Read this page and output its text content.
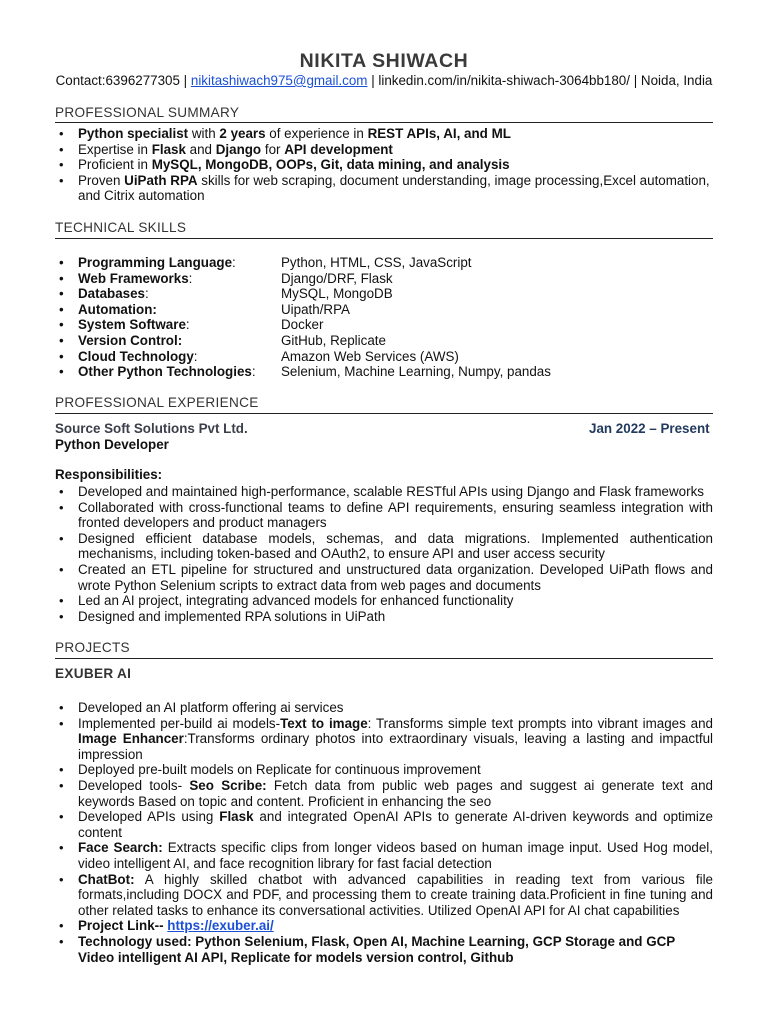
NIKITA SHIWACH
Contact:6396277305 | nikitashiwach975@gmail.com | linkedin.com/in/nikita-shiwach-3064bb180/ | Noida, India
PROFESSIONAL SUMMARY
•	Python specialist with 2 years of experience in REST APIs, AI, and ML
•	Expertise in Flask and Django for API development
•	Proficient in MySQL, MongoDB, OOPs, Git, data mining, and analysis
•	Proven UiPath RPA skills for web scraping, document understanding, image processing,Excel automation, and Citrix automation
TECHNICAL SKILLS
• Programming Language:	Python, HTML, CSS, JavaScript
• Web Frameworks:	Django/DRF, Flask
• Databases:	MySQL, MongoDB
• Automation:	Uipath/RPA
• System Software:	Docker
• Version Control:	GitHub, Replicate
• Cloud Technology:	Amazon Web Services (AWS)
• Other Python Technologies: Selenium, Machine Learning, Numpy, pandas
PROFESSIONAL EXPERIENCE
Source Soft Solutions Pvt Ltd.	Jan 2022 – Present
Python Developer
Responsibilities:
•	Developed and maintained high-performance, scalable RESTful APIs using Django and Flask frameworks
•	Collaborated with cross-functional teams to define API requirements, ensuring seamless integration with fronted developers and product managers
•	Designed efficient database models, schemas, and data migrations. Implemented authentication mechanisms, including token-based and OAuth2, to ensure API and user access security
•	Created an ETL pipeline for structured and unstructured data organization. Developed UiPath flows and wrote Python Selenium scripts to extract data from web pages and documents
•	Led an AI project, integrating advanced models for enhanced functionality
•	Designed and implemented RPA solutions in UiPath
PROJECTS
EXUBER AI
•	Developed an AI platform offering ai services
•	Implemented per-build ai models-Text to image: Transforms simple text prompts into vibrant images and Image Enhancer:Transforms ordinary photos into extraordinary visuals, leaving a lasting and impactful impression
•	Deployed pre-built models on Replicate for continuous improvement
•	Developed tools- Seo Scribe: Fetch data from public web pages and suggest ai generate text and keywords Based on topic and content. Proficient in enhancing the seo
•	Developed APIs using Flask and integrated OpenAI APIs to generate AI-driven keywords and optimize content
•	Face Search: Extracts specific clips from longer videos based on human image input. Used Hog model, video intelligent AI, and face recognition library for fast facial detection
•	ChatBot: A highly skilled chatbot with advanced capabilities in reading text from various file formats,including DOCX and PDF, and processing them to create training data.Proficient in fine tuning and other related tasks to enhance its conversational activities. Utilized OpenAI API for AI chat capabilities
•	Project Link-- https://exuber.ai/
•	Technology used: Python Selenium, Flask, Open AI, Machine Learning, GCP Storage and GCP Video intelligent AI API, Replicate for models version control, Github
